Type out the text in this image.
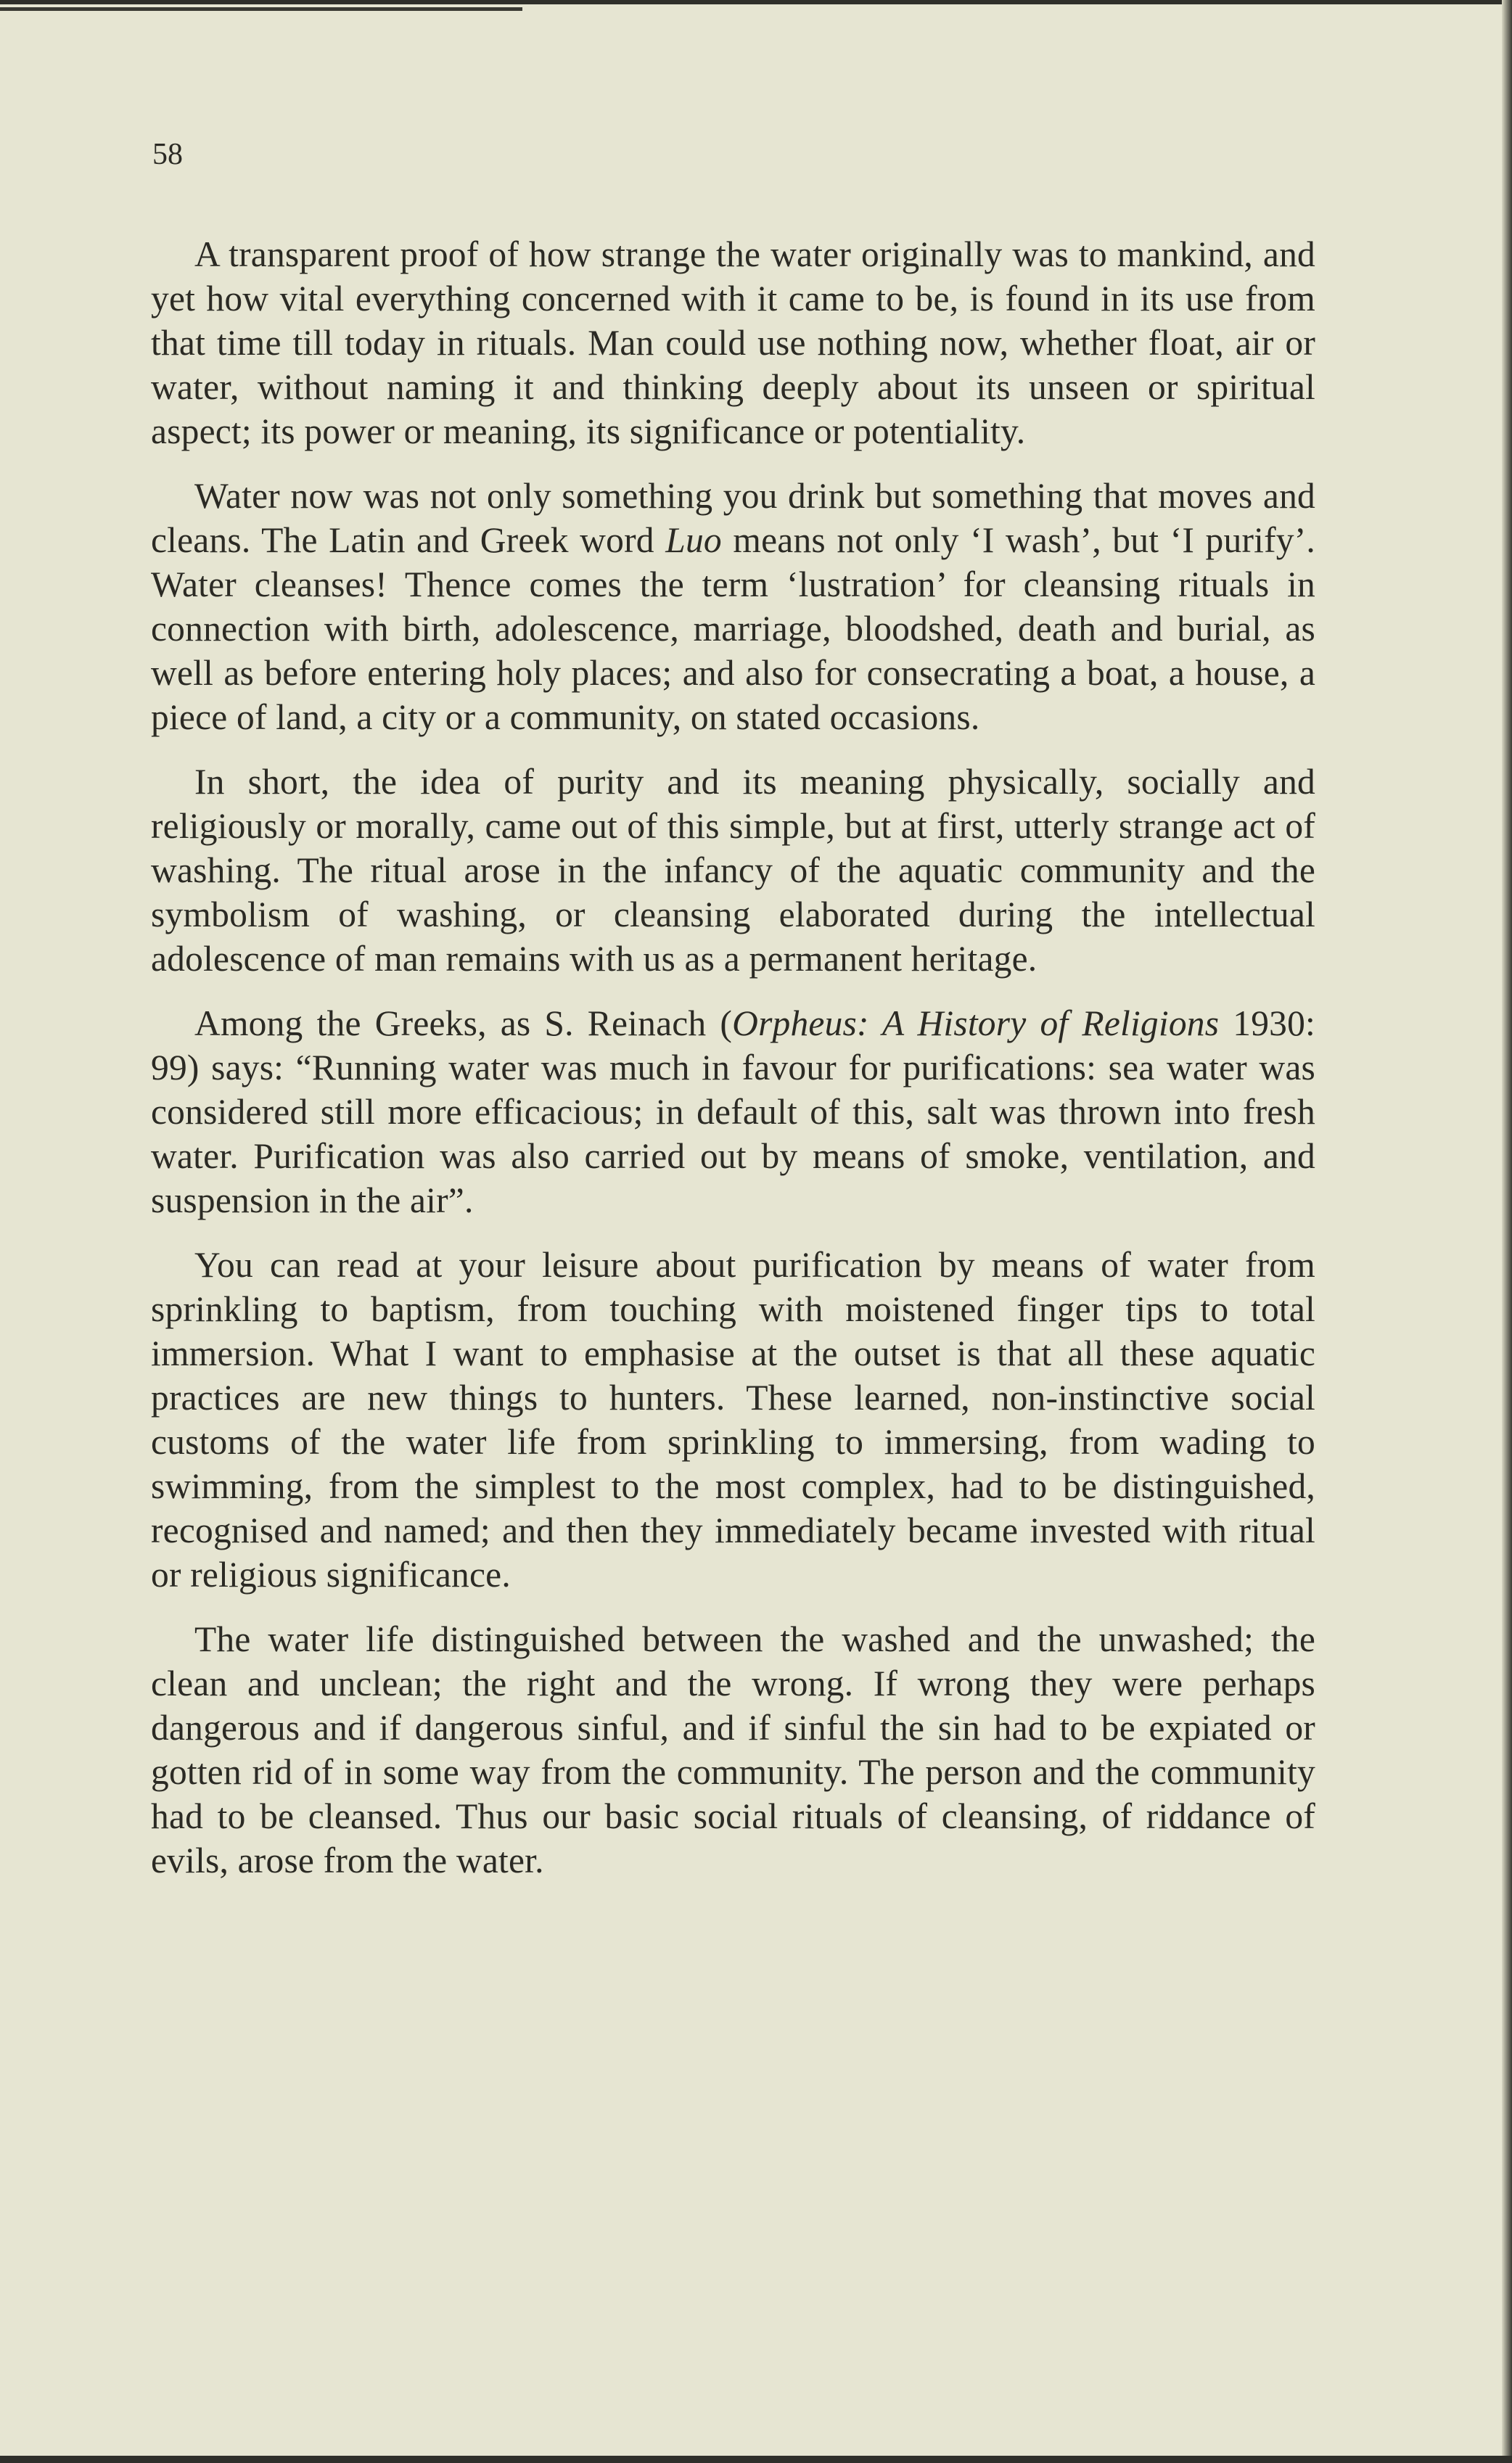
58

A transparent proof of how strange the water originally was to mankind, and yet how vital everything concerned with it came to be, is found in its use from that time till today in rituals. Man could use nothing now, whether float, air or water, without naming it and thinking deeply about its unseen or spiritual aspect; its power or meaning, its significance or potentiality.

Water now was not only something you drink but something that moves and cleans. The Latin and Greek word Luo means not only ‘I wash’, but ‘I purify’. Water cleanses! Thence comes the term ‘lustration’ for cleansing rituals in connection with birth, adolescence, marriage, bloodshed, death and burial, as well as before entering holy places; and also for consecrating a boat, a house, a piece of land, a city or a community, on stated occasions.

In short, the idea of purity and its meaning physically, socially and religiously or morally, came out of this simple, but at first, utterly strange act of washing. The ritual arose in the infancy of the aquatic community and the symbolism of washing, or cleansing elaborated during the intellectual adolescence of man remains with us as a permanent heritage.

Among the Greeks, as S. Reinach (Orpheus: A History of Religions 1930: 99) says: “Running water was much in favour for purifications: sea water was considered still more efficacious; in default of this, salt was thrown into fresh water. Purification was also carried out by means of smoke, ventilation, and suspension in the air”.

You can read at your leisure about purification by means of water from sprinkling to baptism, from touching with moistened finger tips to total immersion. What I want to emphasise at the outset is that all these aquatic practices are new things to hunters. These learned, non-instinctive social customs of the water life from sprinkling to immersing, from wading to swimming, from the simplest to the most complex, had to be distinguished, recognised and named; and then they immediately became invested with ritual or religious significance.

The water life distinguished between the washed and the unwashed; the clean and unclean; the right and the wrong. If wrong they were perhaps dangerous and if dangerous sinful, and if sinful the sin had to be expiated or gotten rid of in some way from the community. The person and the community had to be cleansed. Thus our basic social rituals of cleansing, of riddance of evils, arose from the water.
